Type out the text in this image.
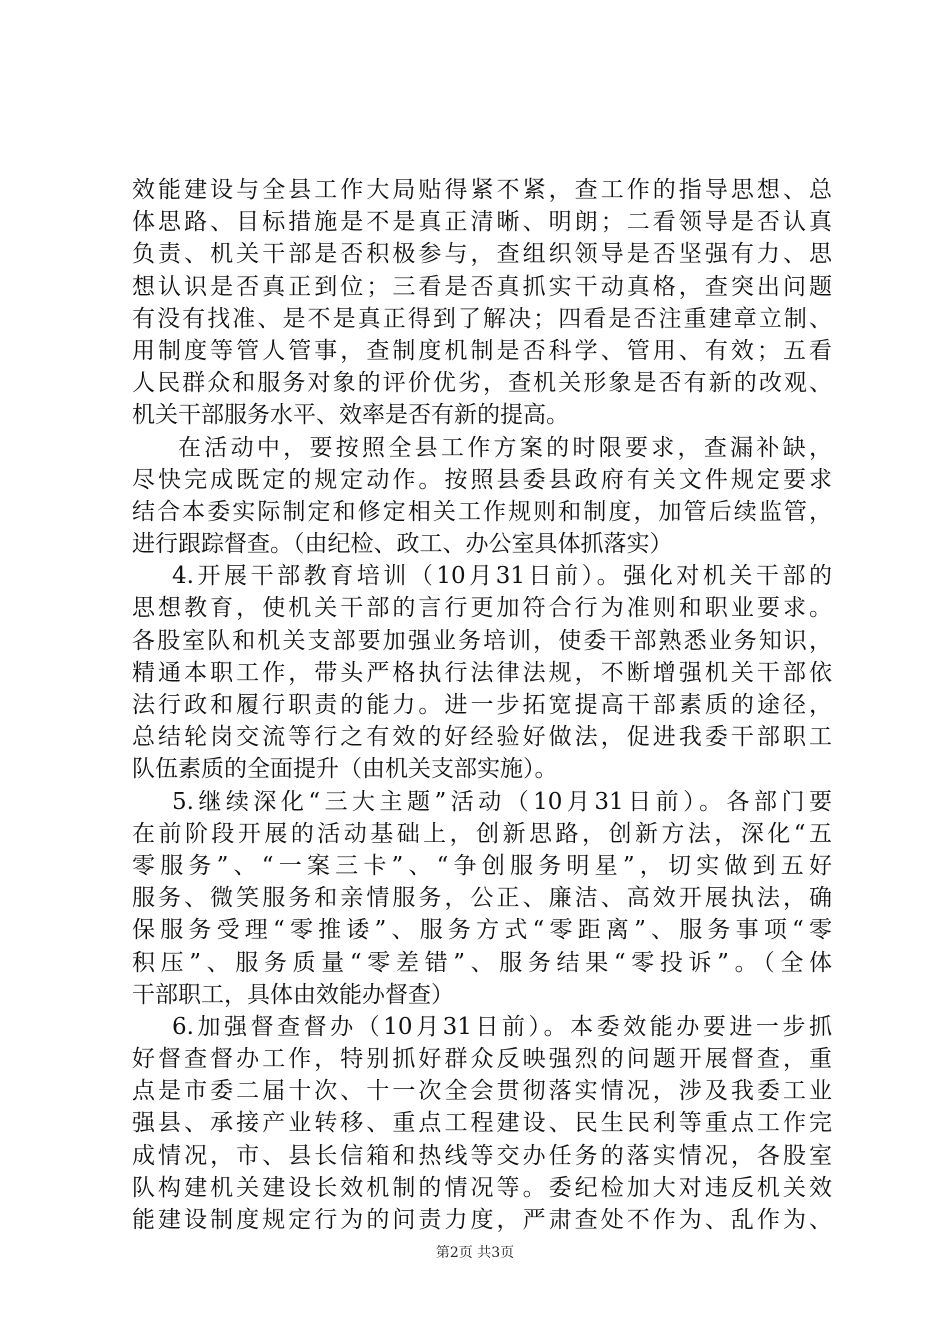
效能建设与全县工作大局贴得紧不紧，查工作的指导思想、总
体思路、目标措施是不是真正清晰、明朗；二看领导是否认真
负责、机关干部是否积极参与，查组织领导是否坚强有力、思
想认识是否真正到位；三看是否真抓实干动真格，查突出问题
有没有找准、是不是真正得到了解决；四看是否注重建章立制、
用制度等管人管事，查制度机制是否科学、管用、有效；五看
人民群众和服务对象的评价优劣，查机关形象是否有新的改观、
机关干部服务水平、效率是否有新的提高。
在活动中，要按照全县工作方案的时限要求，查漏补缺，
尽快完成既定的规定动作。按照县委县政府有关文件规定要求
结合本委实际制定和修定相关工作规则和制度，加管后续监管，
进行跟踪督查。（由纪检、政工、办公室具体抓落实）
4.开展干部教育培训（10月31日前）。强化对机关干部的
思想教育，使机关干部的言行更加符合行为准则和职业要求。
各股室队和机关支部要加强业务培训，使委干部熟悉业务知识，
精通本职工作，带头严格执行法律法规，不断增强机关干部依
法行政和履行职责的能力。进一步拓宽提高干部素质的途径，
总结轮岗交流等行之有效的好经验好做法，促进我委干部职工
队伍素质的全面提升（由机关支部实施）。
5.继续深化“三大主题”活动（10月31日前）。各部门要
在前阶段开展的活动基础上，创新思路，创新方法，深化“五
零服务”、“一案三卡”、“争创服务明星”，切实做到五好
服务、微笑服务和亲情服务，公正、廉洁、高效开展执法，确
保服务受理“零推诿”、服务方式“零距离”、服务事项“零
积压”、服务质量“零差错”、服务结果“零投诉”。（全体
干部职工，具体由效能办督查）
6.加强督查督办（10月31日前）。本委效能办要进一步抓
好督查督办工作，特别抓好群众反映强烈的问题开展督查，重
点是市委二届十次、十一次全会贯彻落实情况，涉及我委工业
强县、承接产业转移、重点工程建设、民生民利等重点工作完
成情况，市、县长信箱和热线等交办任务的落实情况，各股室
队构建机关建设长效机制的情况等。委纪检加大对违反机关效
能建设制度规定行为的问责力度，严肃查处不作为、乱作为、
第2页 共3页
